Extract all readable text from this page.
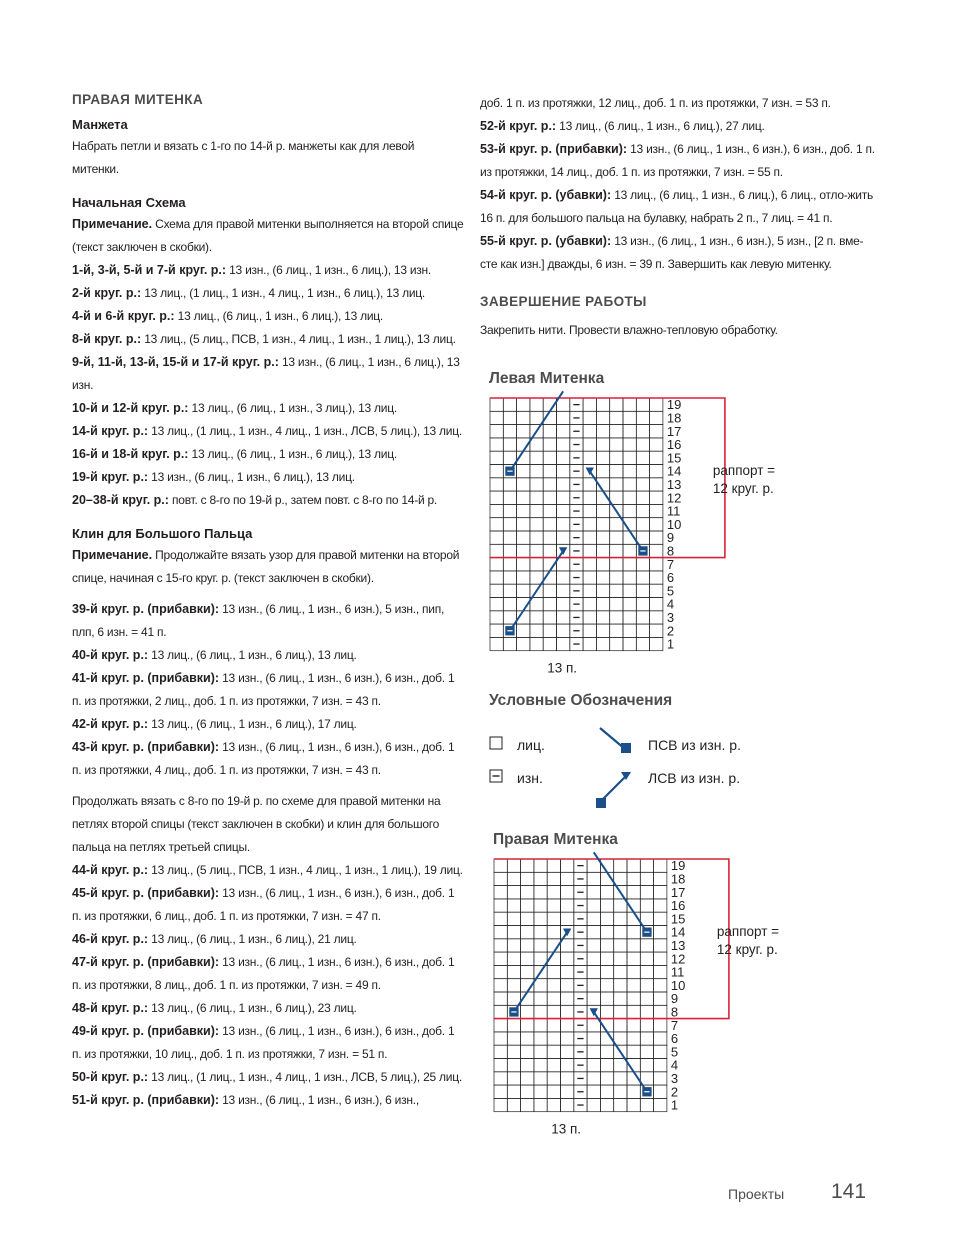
ПРАВАЯ МИТЕНКА
Манжета

Набрать петли и вязать с 1-го по 14-й р. манжеты как для левой митенки.

Начальная Схема

Примечание. Схема для правой митенки выполняется на второй спице (текст заключен в скобки).

1-й, 3-й, 5-й и 7-й круг. р.: 13 изн., (6 лиц., 1 изн., 6 лиц.), 13 изн.

2-й круг. р.: 13 лиц., (1 лиц., 1 изн., 4 лиц., 1 изн., 6 лиц.), 13 лиц.

4-й и 6-й круг. р.: 13 лиц., (6 лиц., 1 изн., 6 лиц.), 13 лиц.

8-й круг. р.: 13 лиц., (5 лиц., ПСВ, 1 изн., 4 лиц., 1 изн., 1 лиц.), 13 лиц.

9-й, 11-й, 13-й, 15-й и 17-й круг. р.: 13 изн., (6 лиц., 1 изн., 6 лиц.), 13 изн.

10-й и 12-й круг. р.: 13 лиц., (6 лиц., 1 изн., 3 лиц.), 13 лиц.

14-й круг. р.: 13 лиц., (1 лиц., 1 изн., 4 лиц., 1 изн., ЛСВ, 5 лиц.), 13 лиц.

16-й и 18-й круг. р.: 13 лиц., (6 лиц., 1 изн., 6 лиц.), 13 лиц.

19-й круг. р.: 13 изн., (6 лиц., 1 изн., 6 лиц.), 13 лиц.

20–38-й круг. р.: повт. с 8-го по 19-й р., затем повт. с 8-го по 14-й р.

Клин для Большого Пальца

Примечание. Продолжайте вязать узор для правой митенки на второй спице, начиная с 15-го круг. р. (текст заключен в скобки).

39-й круг. р. (прибавки): 13 изн., (6 лиц., 1 изн., 6 изн.), 5 изн., пип, плп, 6 изн. = 41 п.

40-й круг. р.: 13 лиц., (6 лиц., 1 изн., 6 лиц.), 13 лиц.

41-й круг. р. (прибавки): 13 изн., (6 лиц., 1 изн., 6 изн.), 6 изн., доб. 1 п. из протяжки, 2 лиц., доб. 1 п. из протяжки, 7 изн. = 43 п.

42-й круг. р.: 13 лиц., (6 лиц., 1 изн., 6 лиц.), 17 лиц.

43-й круг. р. (прибавки): 13 изн., (6 лиц., 1 изн., 6 изн.), 6 изн., доб. 1 п. из протяжки, 4 лиц., доб. 1 п. из протяжки, 7 изн. = 43 п.

Продолжать вязать с 8-го по 19-й р. по схеме для правой митенки на петлях второй спицы (текст заключен в скобки) и клин для большого пальца на петлях третьей спицы.

44-й круг. р.: 13 лиц., (5 лиц., ПСВ, 1 изн., 4 лиц., 1 изн., 1 лиц.), 19 лиц.

45-й круг. р. (прибавки): 13 изн., (6 лиц., 1 изн., 6 изн.), 6 изн., доб. 1 п. из протяжки, 6 лиц., доб. 1 п. из протяжки, 7 изн. = 47 п.

46-й круг. р.: 13 лиц., (6 лиц., 1 изн., 6 лиц.), 21 лиц.

47-й круг. р. (прибавки): 13 изн., (6 лиц., 1 изн., 6 изн.), 6 изн., доб. 1 п. из протяжки, 8 лиц., доб. 1 п. из протяжки, 7 изн. = 49 п.

48-й круг. р.: 13 лиц., (6 лиц., 1 изн., 6 лиц.), 23 лиц.

49-й круг. р. (прибавки): 13 изн., (6 лиц., 1 изн., 6 изн.), 6 изн., доб. 1 п. из протяжки, 10 лиц., доб. 1 п. из протяжки, 7 изн. = 51 п.

50-й круг. р.: 13 лиц., (1 лиц., 1 изн., 4 лиц., 1 изн., ЛСВ, 5 лиц.), 25 лиц.

51-й круг. р. (прибавки): 13 изн., (6 лиц., 1 изн., 6 изн.), 6 изн.,

доб. 1 п. из протяжки, 12 лиц., доб. 1 п. из протяжки, 7 изн. = 53 п.

52-й круг. р.: 13 лиц., (6 лиц., 1 изн., 6 лиц.), 27 лиц.

53-й круг. р. (прибавки): 13 изн., (6 лиц., 1 изн., 6 изн.), 6 изн., доб. 1 п. из протяжки, 14 лиц., доб. 1 п. из протяжки, 7 изн. = 55 п.

54-й круг. р. (убавки): 13 лиц., (6 лиц., 1 изн., 6 лиц.), 6 лиц., отло-жить 16 п. для большого пальца на булавку, набрать 2 п., 7 лиц. = 41 п.

55-й круг. р. (убавки): 13 изн., (6 лиц., 1 изн., 6 изн.), 5 изн., [2 п. вме-сте как изн.] дважды, 6 изн. = 39 п. Завершить как левую митенку.

ЗАВЕРШЕНИЕ РАБОТЫ

Закрепить нити. Провести влажно-тепловую обработку.

Левая Митенка
1
2
3
4
5
6
7
8
9
10
11
12
13
14
15
16
17
18
19
раппорт =
12 круг. р.
13 п.
Условные Обозначения
лиц.
изн.
ПСВ из изн. р.
ЛСВ из изн. р.
Правая Митенка
1
2
3
4
5
6
7
8
9
10
11
12
13
14
15
16
17
18
19
раппорт =
12 круг. р.
13 п.
Проекты 141
